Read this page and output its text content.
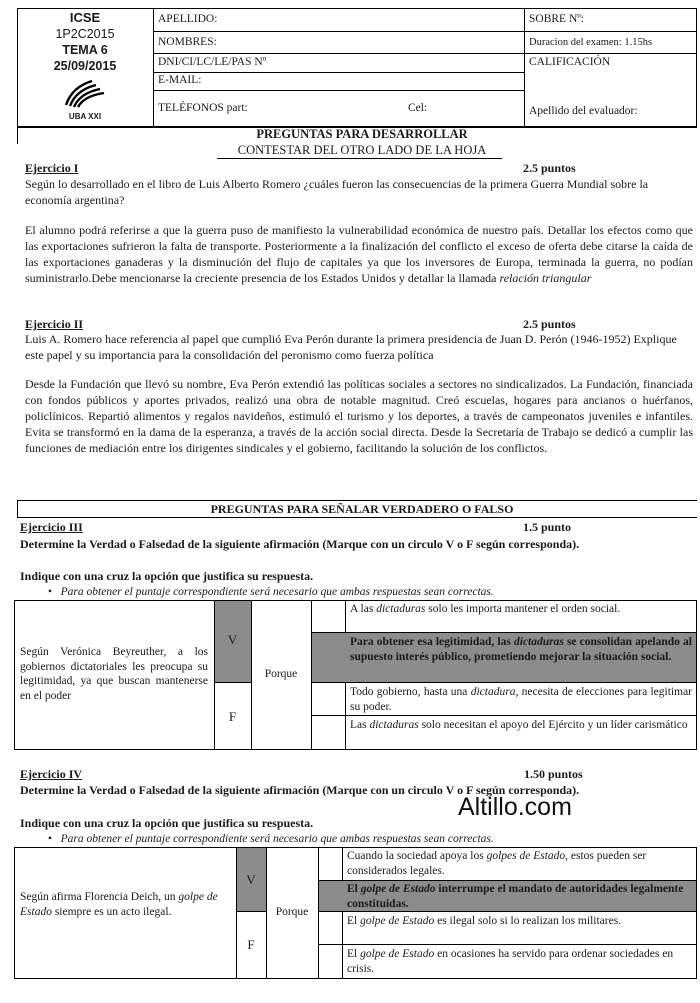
ICSE
1P2C2015
TEMA 6
25/09/2015
UBA XXI
APELLIDO:
NOMBRES:
DNI/CI/LC/LE/PAS Nº
E-MAIL:
TELÉFONOS part:	Cel:
SOBRE Nº:
Duracion del examen: 1.15hs
CALIFICACIÓN
Apellido del evaluador:
PREGUNTAS PARA DESARROLLAR
CONTESTAR DEL OTRO LADO DE LA HOJA
Ejercicio I	2.5 puntos
Según lo desarrollado en el libro de Luis Alberto Romero ¿cuáles fueron las consecuencias de la primera Guerra Mundial sobre la economía argentina?
El alumno podrá referirse a que la guerra puso de manifiesto la vulnerabilidad económica de nuestro país. Detallar los efectos como que las exportaciones sufrieron la falta de transporte. Posteriormente a la finalización del conflicto el exceso de oferta debe citarse la caída de las exportaciones ganaderas y la disminución del flujo de capitales ya que los inversores de Europa, terminada la guerra, no podían suministrarlo.Debe mencionarse la creciente presencia de los Estados Unidos y detallar la llamada relación triangular
Ejercicio II	2.5 puntos
Luis A. Romero hace referencia al papel que cumplió Eva Perón durante la primera presidencia de Juan D. Perón (1946-1952) Explique este papel y su importancia para la consolidación del peronismo como fuerza política
Desde la Fundación que llevó su nombre, Eva Perón extendió las políticas sociales a sectores no sindicalizados. La Fundación, financiada con fondos públicos y aportes privados, realizó una obra de notable magnitud. Creó escuelas, hogares para ancianos o huérfanos, policlínicos. Repartió alimentos y regalos navideños, estimuló el turismo y los deportes, a través de campeonatos juveniles e infantiles. Evita se transformó en la dama de la esperanza, a través de la acción social directa. Desde la Secretaría de Trabajo se dedicó a cumplir las funciones de mediación entre los dirigentes sindicales y el gobierno, facilitando la solución de los conflictos.
PREGUNTAS PARA SEÑALAR VERDADERO O FALSO
Ejercicio III	1.5 punto
Determine la Verdad o Falsedad de la siguiente afirmación (Marque con un circulo V o F según corresponda).
Indique con una cruz la opción que justifica su respuesta.
• Para obtener el puntaje correspondiente será necesario que ambas respuestas sean correctas.
Según Verónica Beyreuther, a los gobiernos dictatoriales les preocupa su legitimidad, ya que buscan mantenerse en el poder
V
F
Porque
A las dictaduras solo les importa mantener el orden social.
Para obtener esa legitimidad, las dictaduras se consolidan apelando al supuesto interés público, prometiendo mejorar la situación social.
Todo gobierno, hasta una dictadura, necesita de elecciones para legitimar su poder.
Las dictaduras solo necesitan el apoyo del Ejército y un líder carismático
Ejercicio IV	1.50 puntos
Determine la Verdad o Falsedad de la siguiente afirmación (Marque con un circulo V o F según corresponda).
Indique con una cruz la opción que justifica su respuesta.
• Para obtener el puntaje correspondiente será necesario que ambas respuestas sean correctas.
Altillo.com
Según afirma Florencia Deich, un golpe de Estado siempre es un acto ilegal.
V
F
Porque
Cuando la sociedad apoya los golpes de Estado, estos pueden ser considerados legales.
El golpe de Estado interrumpe el mandato de autoridades legalmente constituidas.
El golpe de Estado es ilegal solo si lo realizan los militares.
El golpe de Estado en ocasiones ha servido para ordenar sociedades en crisis.
